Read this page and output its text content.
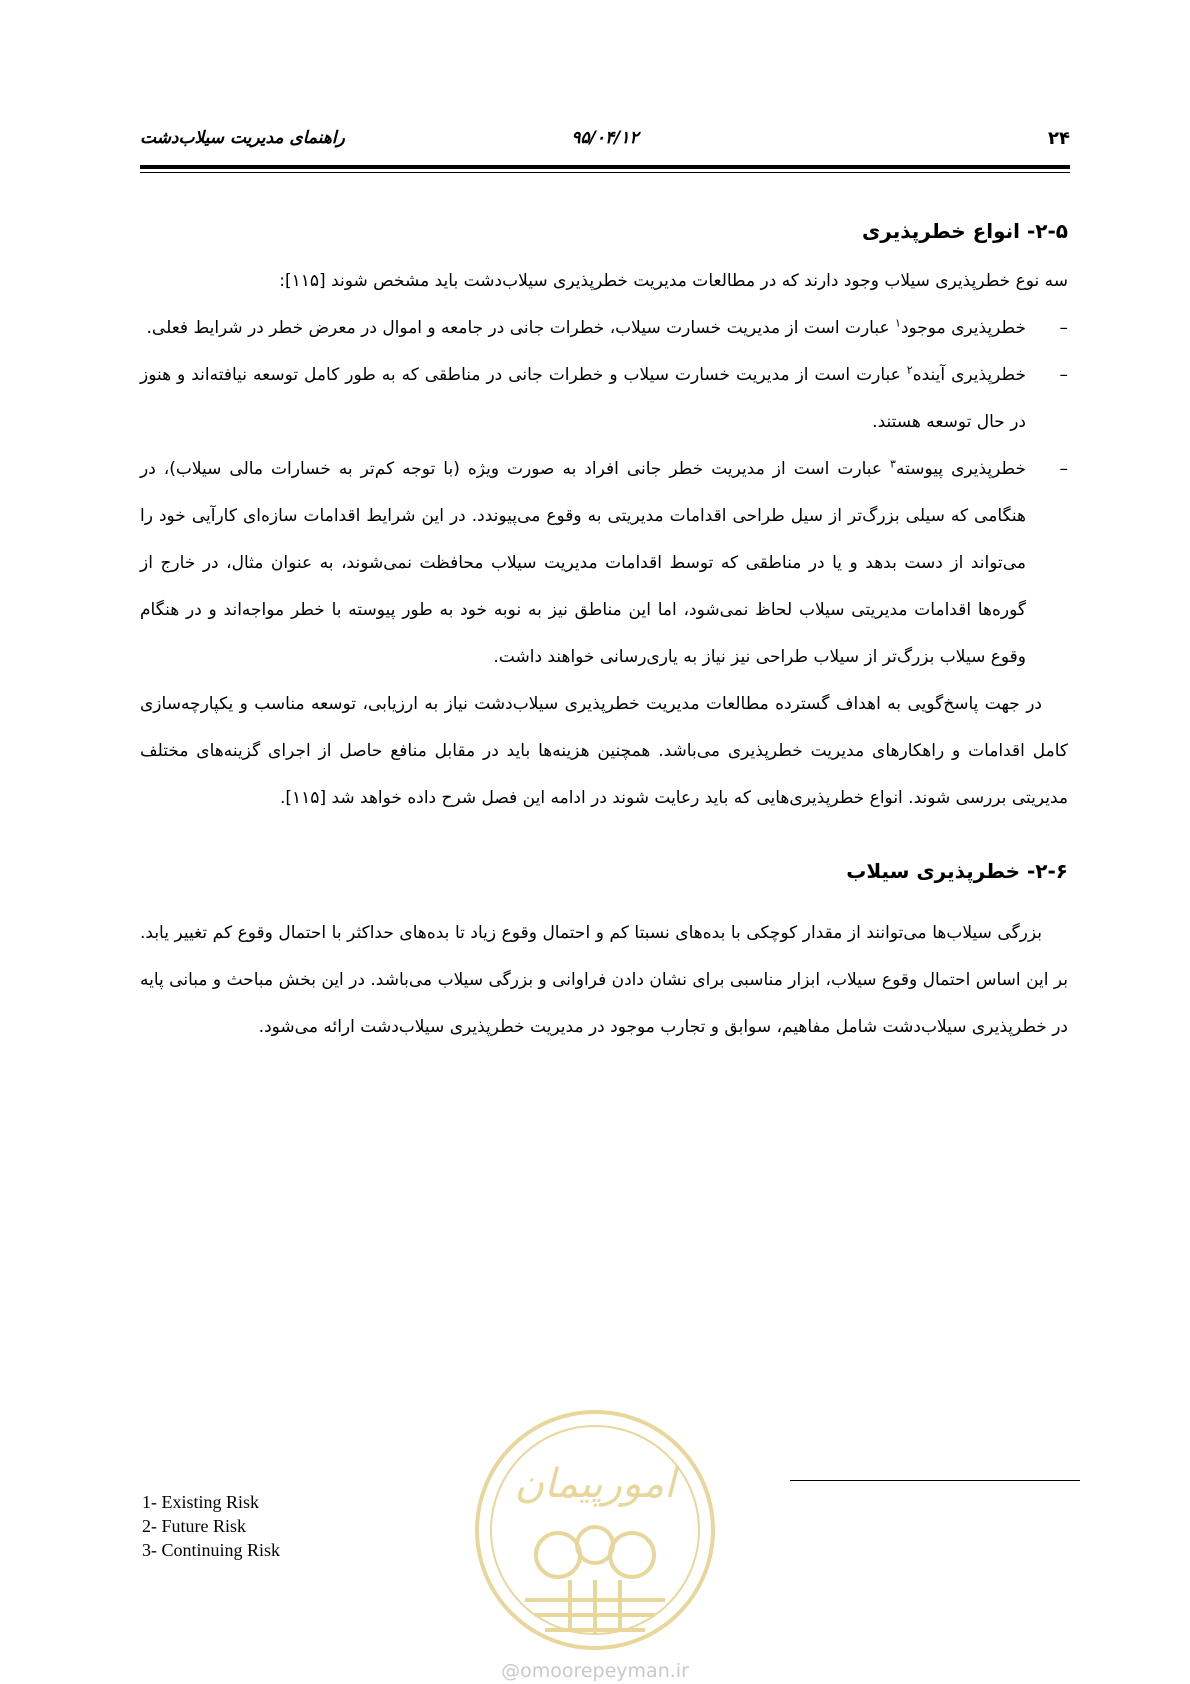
۲۴
۹۵/۰۴/۱۲
راهنمای مدیریت سیلاب‌دشت
۲-۵- انواع خطرپذیری

سه نوع خطرپذیری سیلاب وجود دارند که در مطالعات مدیریت خطرپذیری سیلاب‌دشت باید مشخص شوند [۱۱۵]:

–
خطرپذیری موجود$^۱$ عبارت است از مدیریت خسارت سیلاب، خطرات جانی در جامعه و اموال در معرض خطر در شرایط فعلی.
–
خطرپذیری آینده$^۲$ عبارت است از مدیریت خسارت سیلاب و خطرات جانی در مناطقی که به طور کامل توسعه نیافته‌اند و هنوز در حال توسعه هستند.
–
خطرپذیری پیوسته$^۳$ عبارت است از مدیریت خطر جانی افراد به صورت ویژه (با توجه کم‌تر به خسارات مالی سیلاب)، در هنگامی که سیلی بزرگ‌تر از سیل طراحی اقدامات مدیریتی به وقوع می‌پیوندد. در این شرایط اقدامات سازه‌ای کارآیی خود را می‌تواند از دست بدهد و یا در مناطقی که توسط اقدامات مدیریت سیلاب محافظت نمی‌شوند، به عنوان مثال، در خارج از گوره‌ها اقدامات مدیریتی سیلاب لحاظ نمی‌شود، اما این مناطق نیز به نوبه خود به طور پیوسته با خطر مواجه‌اند و در هنگام وقوع سیلاب بزرگ‌تر از سیلاب طراحی نیز نیاز به یاری‌رسانی خواهند داشت.

در جهت پاسخ‌گویی به اهداف گسترده مطالعات مدیریت خطرپذیری سیلاب‌دشت نیاز به ارزیابی، توسعه مناسب و یکپارچه‌سازی کامل اقدامات و راهکارهای مدیریت خطرپذیری می‌باشد. همچنین هزینه‌ها باید در مقابل منافع حاصل از اجرای گزینه‌های مختلف مدیریتی بررسی شوند. انواع خطرپذیری‌هایی که باید رعایت شوند در ادامه این فصل شرح داده خواهد شد [۱۱۵].

۲-۶- خطرپذیری سیلاب

بزرگی سیلاب‌ها می‌توانند از مقدار کوچکی با بده‌های نسبتا کم و احتمال وقوع زیاد تا بده‌های حداکثر با احتمال وقوع کم تغییر یابد. بر این اساس احتمال وقوع سیلاب، ابزار مناسبی برای نشان دادن فراوانی و بزرگی سیلاب می‌باشد. در این بخش مباحث و مبانی پایه در خطرپذیری سیلاب‌دشت شامل مفاهیم، سوابق و تجارب موجود در مدیریت خطرپذیری سیلاب‌دشت ارائه می‌شود.

1- Existing Risk
2- Future Risk
3- Continuing Risk
امورپیمان
@omoorepeyman.ir
